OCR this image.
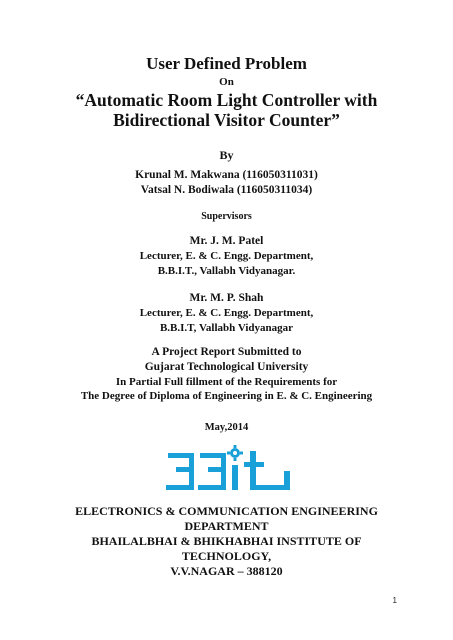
User Defined Problem
On
“Automatic Room Light Controller with
Bidirectional Visitor Counter”
By
Krunal M. Makwana (116050311031)
Vatsal N. Bodiwala (116050311034)
Supervisors
Mr. J. M. Patel
Lecturer, E. & C. Engg. Department,
B.B.I.T., Vallabh Vidyanagar.
Mr. M. P. Shah
Lecturer, E. & C. Engg. Department,
B.B.I.T, Vallabh Vidyanagar
A Project Report Submitted to
Gujarat Technological University
In Partial Full fillment of the Requirements for
The Degree of Diploma of Engineering in E. & C. Engineering
May,2014
ELECTRONICS & COMMUNICATION ENGINEERING
DEPARTMENT
BHAILALBHAI & BHIKHABHAI INSTITUTE OF
TECHNOLOGY,
V.V.NAGAR – 388120
1
